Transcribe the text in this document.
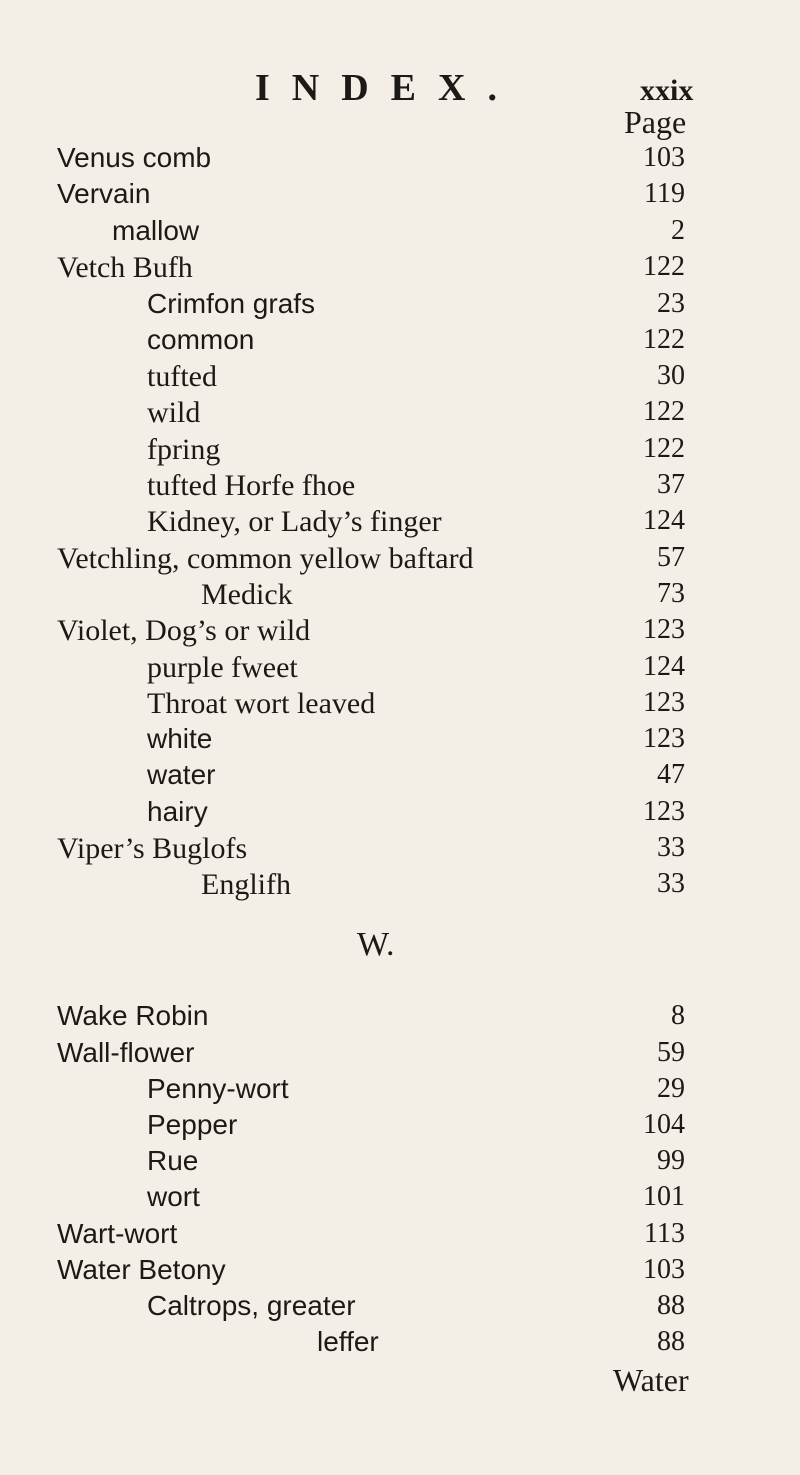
INDEX.	xxix
Page
Venus comb	103
Vervain	119
mallow	2
Vetch Bufh	122
Crimfon grafs	23
common	122
tufted	30
wild	122
fpring	122
tufted Horfe fhoe	37
Kidney, or Lady’s finger	124
Vetchling, common yellow baftard	57
Medick	73
Violet, Dog’s or wild	123
purple fweet	124
Throat wort leaved	123
white	123
water	47
hairy	123
Viper’s Buglofs	33
Englifh	33
W.
Wake Robin	8
Wall-flower	59
Penny-wort	29
Pepper	104
Rue	99
wort	101
Wart-wort	113
Water Betony	103
Caltrops, greater	88
leffer	88
Water
